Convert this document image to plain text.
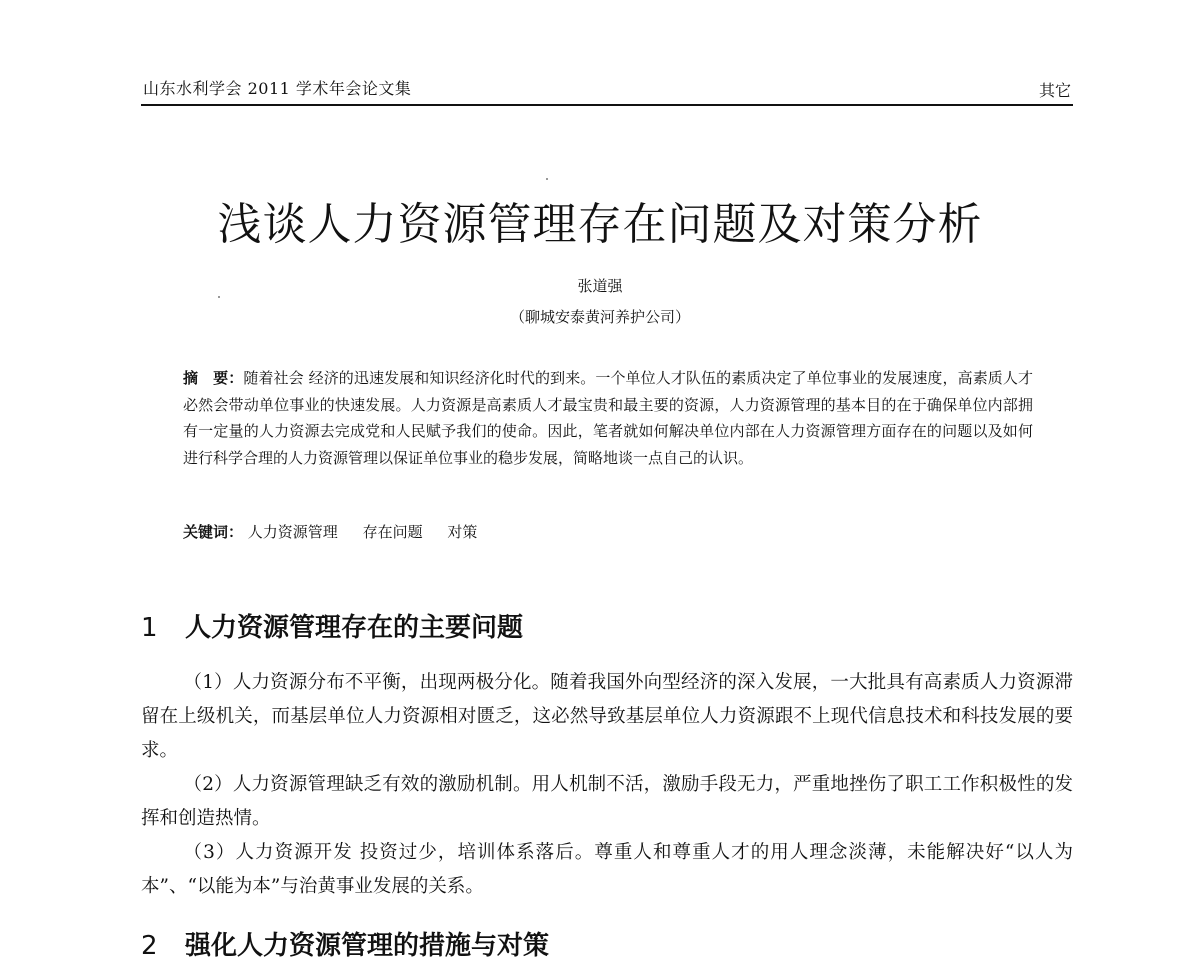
山东水利学会 2011 学术年会论文集	其它
浅谈人力资源管理存在问题及对策分析
张道强
（聊城安泰黄河养护公司）
摘　要：随着社会 经济的迅速发展和知识经济化时代的到来。一个单位人才队伍的素质决定了单位事业的发展速度，高素质人才必然会带动单位事业的快速发展。人力资源是高素质人才最宝贵和最主要的资源，人力资源管理的基本目的在于确保单位内部拥有一定量的人力资源去完成党和人民赋予我们的使命。因此，笔者就如何解决单位内部在人力资源管理方面存在的问题以及如何进行科学合理的人力资源管理以保证单位事业的稳步发展，简略地谈一点自己的认识。
关键词： 人力资源管理 存在问题 对策
1 人力资源管理存在的主要问题

（1）人力资源分布不平衡，出现两极分化。随着我国外向型经济的深入发展，一大批具有高素质人力资源滞留在上级机关，而基层单位人力资源相对匮乏，这必然导致基层单位人力资源跟不上现代信息技术和科技发展的要求。

（2）人力资源管理缺乏有效的激励机制。用人机制不活，激励手段无力，严重地挫伤了职工工作积极性的发挥和创造热情。

（3）人力资源开发 投资过少，培训体系落后。尊重人和尊重人才的用人理念淡薄，未能解决好“以人为本”、“以能为本”与治黄事业发展的关系。

2 强化人力资源管理的措施与对策
